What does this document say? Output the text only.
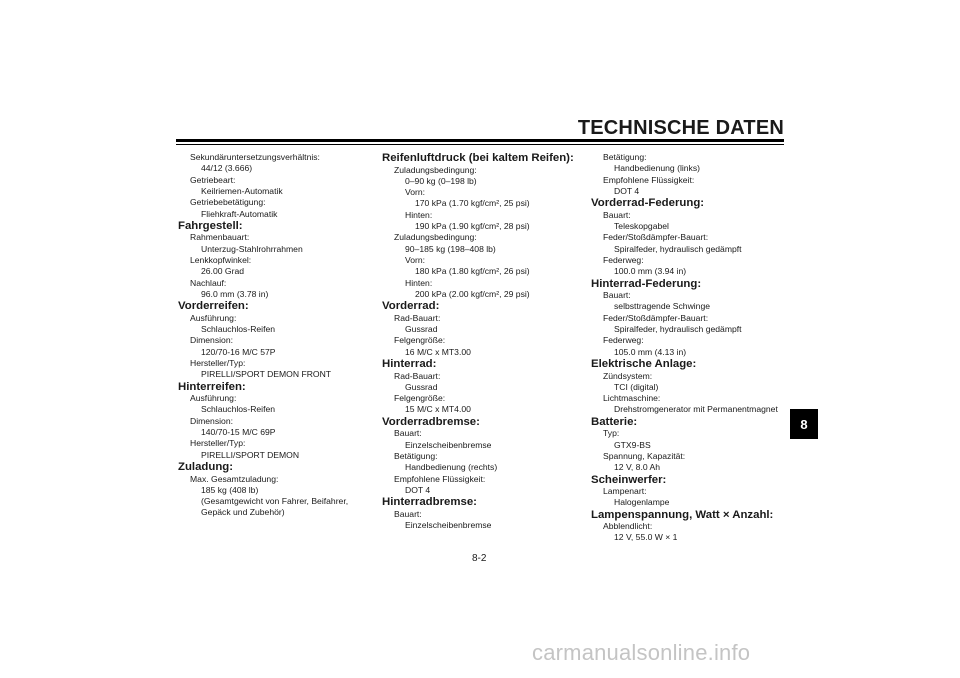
TECHNISCHE DATEN
Sekundäruntersetzungsverhältnis:
44/12 (3.666)
Getriebeart:
Keilriemen-Automatik
Getriebebetätigung:
Fliehkraft-Automatik
Fahrgestell:
Rahmenbauart:
Unterzug-Stahlrohrrahmen
Lenkkopfwinkel:
26.00 Grad
Nachlauf:
96.0 mm (3.78 in)
Vorderreifen:
Ausführung:
Schlauchlos-Reifen
Dimension:
120/70-16 M/C 57P
Hersteller/Typ:
PIRELLI/SPORT DEMON FRONT
Hinterreifen:
Ausführung:
Schlauchlos-Reifen
Dimension:
140/70-15 M/C 69P
Hersteller/Typ:
PIRELLI/SPORT DEMON
Zuladung:
Max. Gesamtzuladung:
185 kg (408 lb)
(Gesamtgewicht von Fahrer, Beifahrer,
Gepäck und Zubehör)
Reifenluftdruck (bei kaltem Reifen):
Zuladungsbedingung:
0–90 kg (0–198 lb)
Vorn:
170 kPa (1.70 kgf/cm², 25 psi)
Hinten:
190 kPa (1.90 kgf/cm², 28 psi)
Zuladungsbedingung:
90–185 kg (198–408 lb)
Vorn:
180 kPa (1.80 kgf/cm², 26 psi)
Hinten:
200 kPa (2.00 kgf/cm², 29 psi)
Vorderrad:
Rad-Bauart:
Gussrad
Felgengröße:
16 M/C x MT3.00
Hinterrad:
Rad-Bauart:
Gussrad
Felgengröße:
15 M/C x MT4.00
Vorderradbremse:
Bauart:
Einzelscheibenbremse
Betätigung:
Handbedienung (rechts)
Empfohlene Flüssigkeit:
DOT 4
Hinterradbremse:
Bauart:
Einzelscheibenbremse
Betätigung:
Handbedienung (links)
Empfohlene Flüssigkeit:
DOT 4
Vorderrad-Federung:
Bauart:
Teleskopgabel
Feder/Stoßdämpfer-Bauart:
Spiralfeder, hydraulisch gedämpft
Federweg:
100.0 mm (3.94 in)
Hinterrad-Federung:
Bauart:
selbsttragende Schwinge
Feder/Stoßdämpfer-Bauart:
Spiralfeder, hydraulisch gedämpft
Federweg:
105.0 mm (4.13 in)
Elektrische Anlage:
Zündsystem:
TCI (digital)
Lichtmaschine:
Drehstromgenerator mit Permanentmagnet
Batterie:
Typ:
GTX9-BS
Spannung, Kapazität:
12 V, 8.0 Ah
Scheinwerfer:
Lampenart:
Halogenlampe
Lampenspannung, Watt × Anzahl:
Abblendlicht:
12 V, 55.0 W × 1
8
8-2
carmanualsonline.info
